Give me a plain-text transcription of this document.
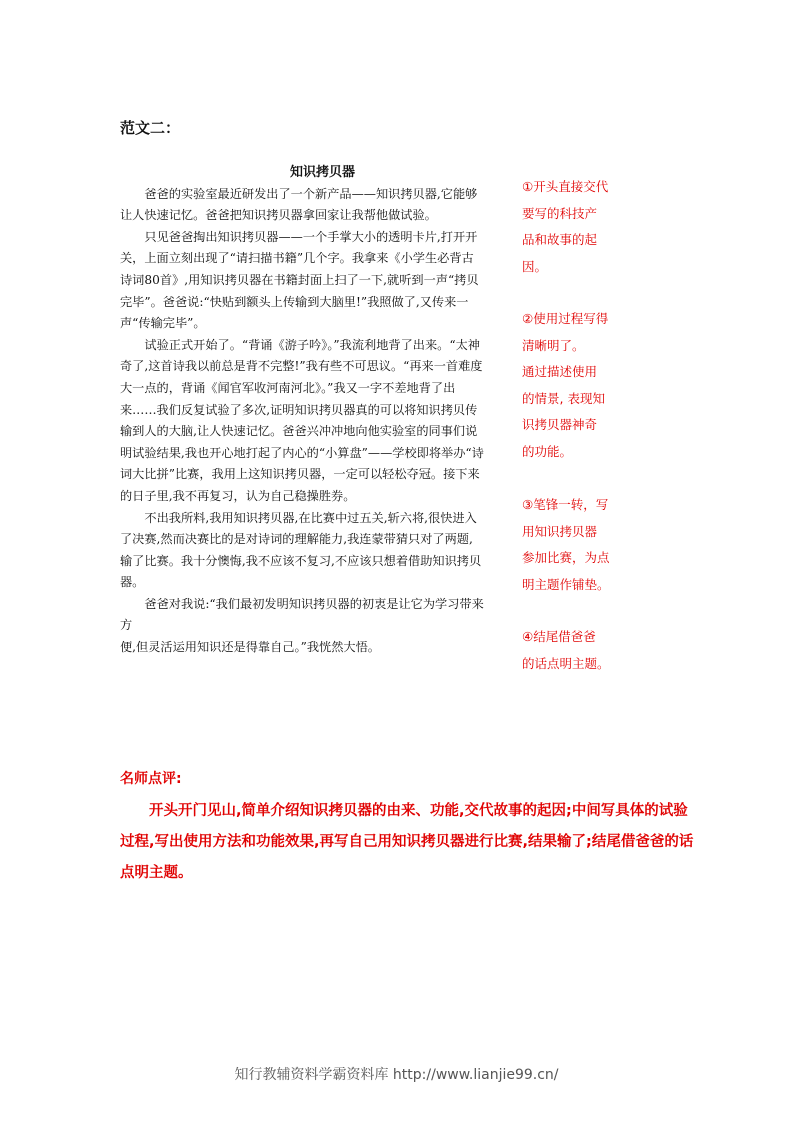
范文二：
知识拷贝器

爸爸的实验室最近研发出了一个新产品——知识拷贝器,它能够让人快速记忆。爸爸把知识拷贝器拿回家让我帮他做试验。

只见爸爸掏出知识拷贝器——一个手掌大小的透明卡片,打开开关，上面立刻出现了“请扫描书籍”几个字。我拿来《小学生必背古诗词80首》,用知识拷贝器在书籍封面上扫了一下,就听到一声“拷贝完毕”。爸爸说:“快贴到额头上传输到大脑里!”我照做了,又传来一声“传输完毕”。

试验正式开始了。“背诵《游子吟》。”我流利地背了出来。“太神奇了,这首诗我以前总是背不完整!”我有些不可思议。“再来一首难度大一点的，背诵《闻官军收河南河北》。”我又一字不差地背了出来……我们反复试验了多次,证明知识拷贝器真的可以将知识拷贝传输到人的大脑,让人快速记忆。爸爸兴冲冲地向他实验室的同事们说明试验结果,我也开心地打起了内心的“小算盘”——学校即将举办“诗词大比拼”比赛，我用上这知识拷贝器，一定可以轻松夺冠。接下来的日子里,我不再复习，认为自己稳操胜券。

不出我所料,我用知识拷贝器,在比赛中过五关,斩六将,很快进入了决赛,然而决赛比的是对诗词的理解能力,我连蒙带猜只对了两题,输了比赛。我十分懊悔,我不应该不复习,不应该只想着借助知识拷贝器。

爸爸对我说:“我们最初发明知识拷贝器的初衷是让它为学习带来方

便,但灵活运用知识还是得靠自己。”我恍然大悟。

①开头直接交代
要写的科技产
品和故事的起
因。
②使用过程写得
清晰明了。
通过描述使用
的情景, 表现知
识拷贝器神奇
的功能。
③笔锋一转，写
用知识拷贝器
参加比赛，为点
明主题作铺垫。
④结尾借爸爸
的话点明主题。

名师点评:

开头开门见山,简单介绍知识拷贝器的由来、功能,交代故事的起因;中间写具体的试验过程,写出使用方法和功能效果,再写自己用知识拷贝器进行比赛,结果输了;结尾借爸爸的话点明主题。

知行教辅资料学霸资料库 http://www.lianjie99.cn/
